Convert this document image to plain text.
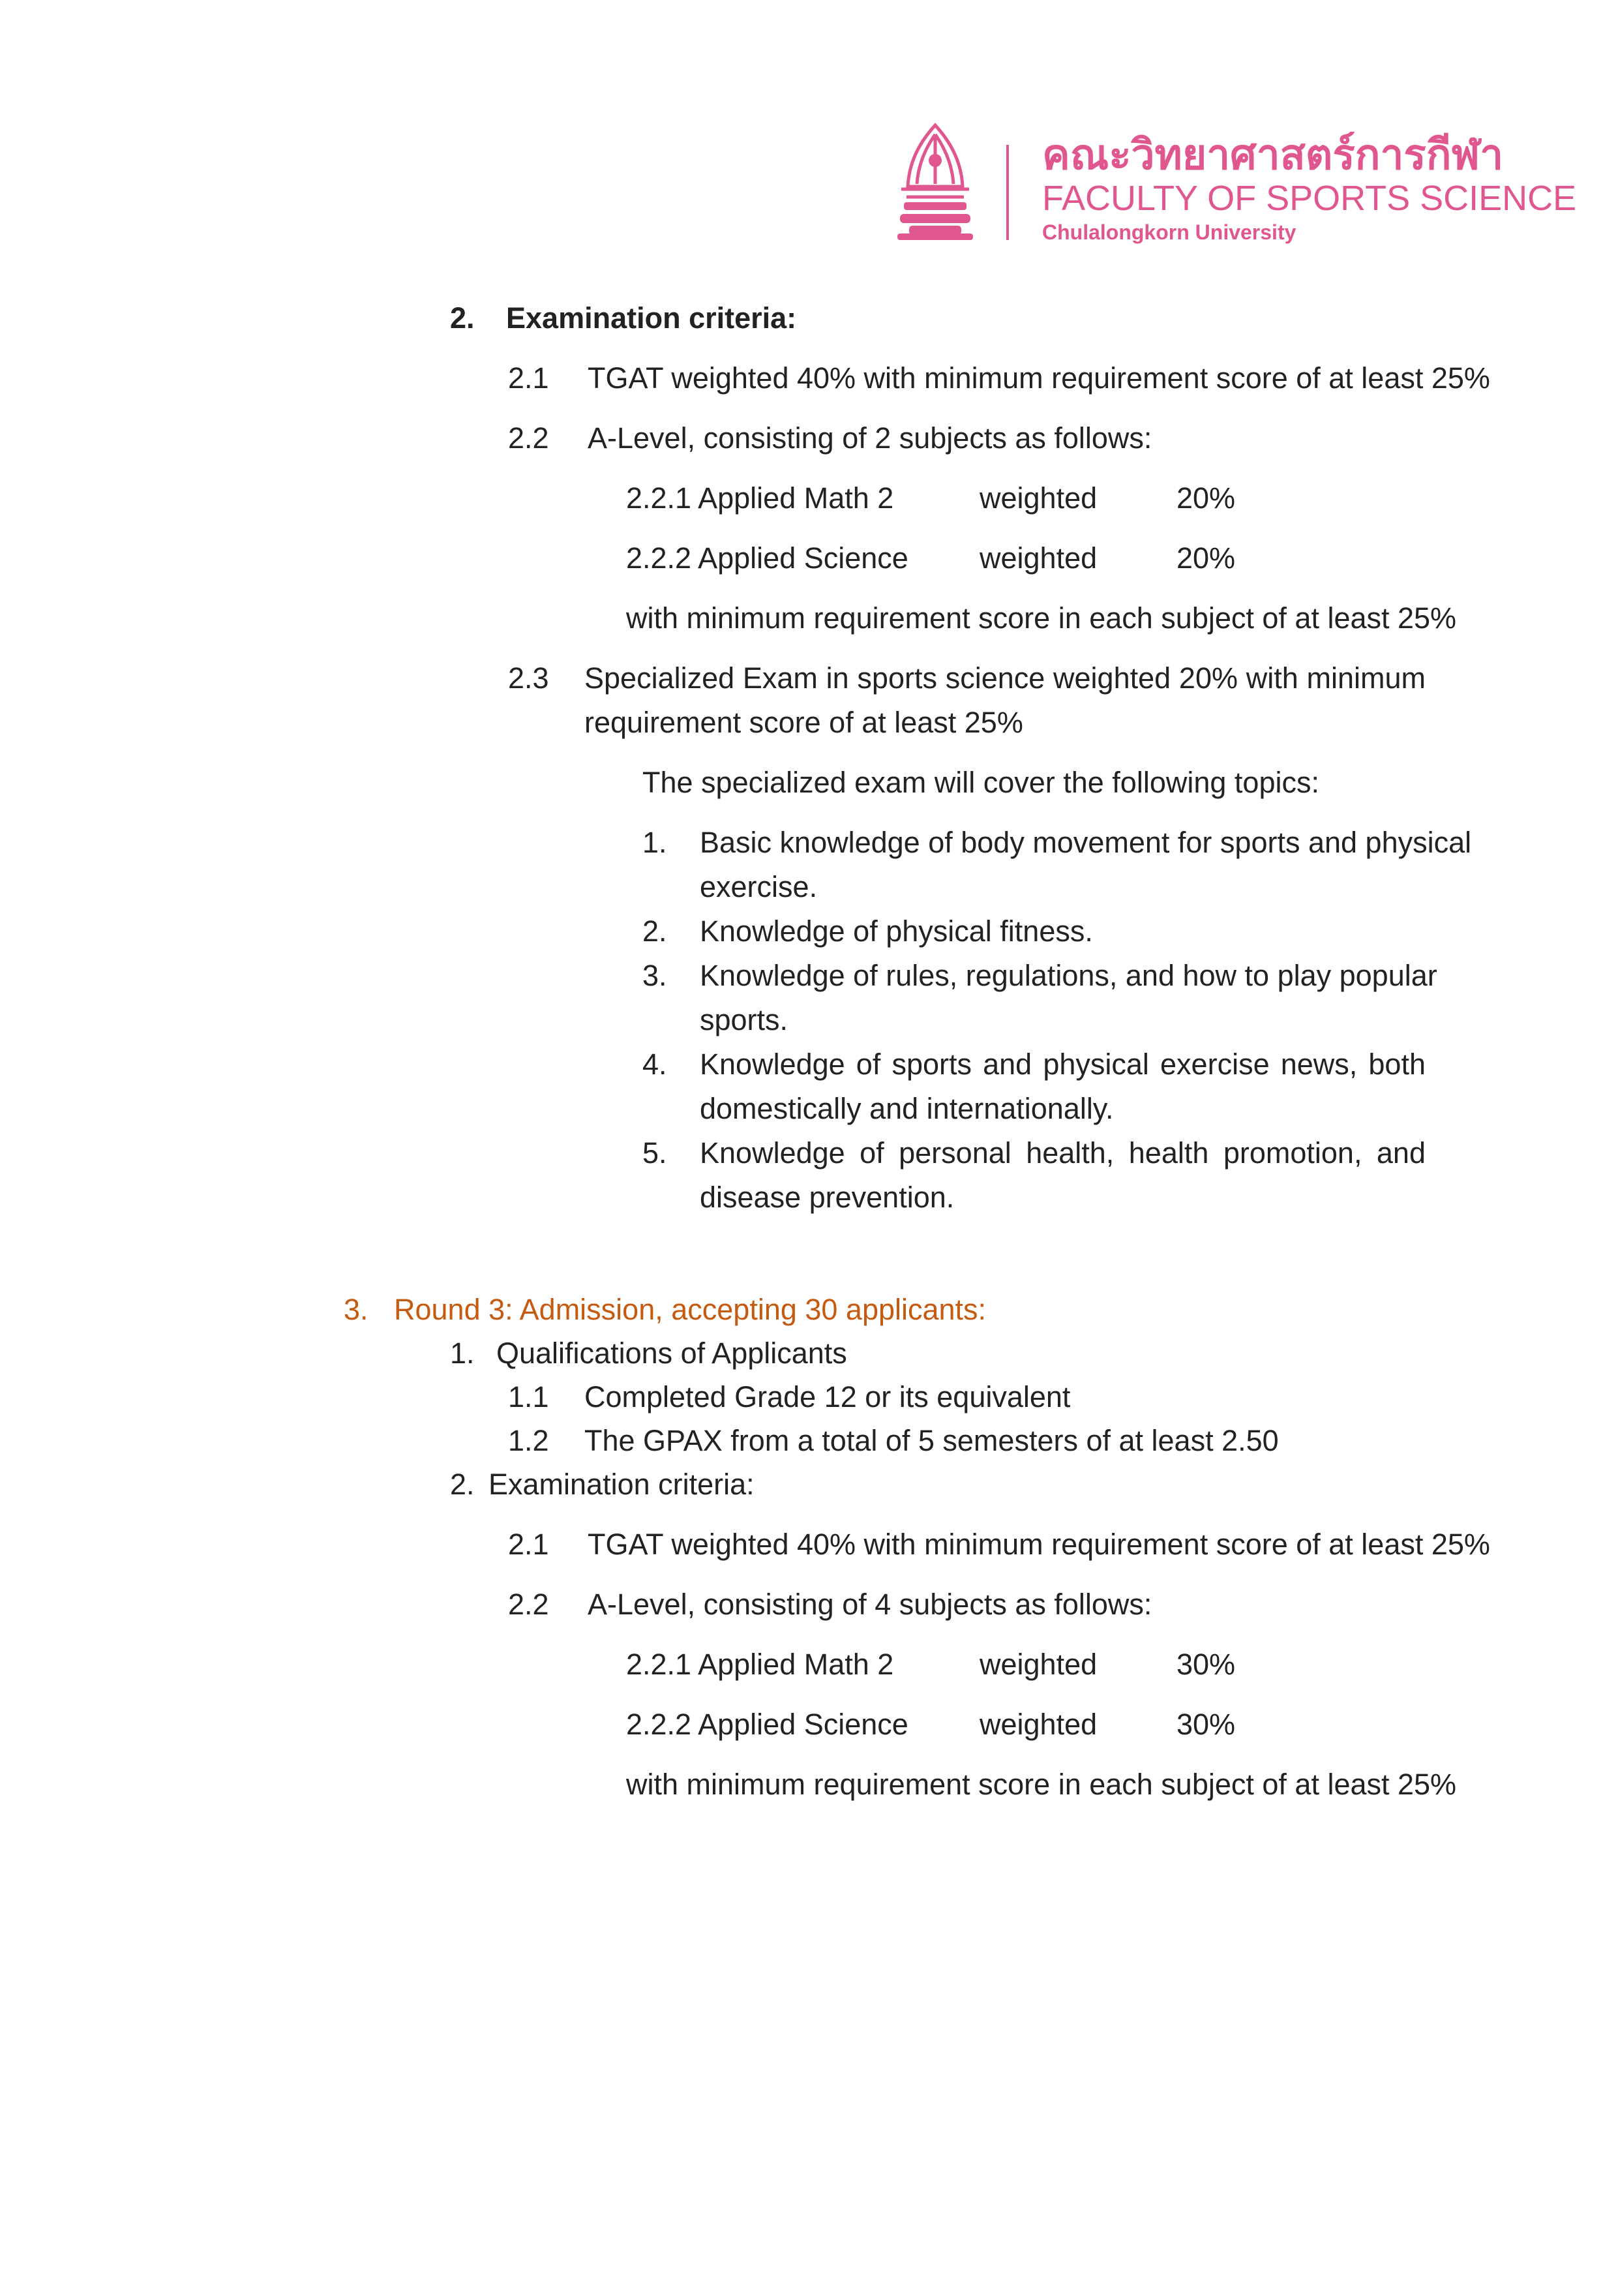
คณะวิทยาศาสตร์การกีฬา
FACULTY OF SPORTS SCIENCE
Chulalongkorn University
2. Examination criteria:
2.1 TGAT weighted 40% with minimum requirement score of at least 25%
2.2 A-Level, consisting of 2 subjects as follows:
2.2.1 Applied Math 2	weighted	20%
2.2.2 Applied Science weighted	20%
with minimum requirement score in each subject of at least 25%
2.3 Specialized Exam in sports science weighted 20% with minimum
requirement score of at least 25%
The specialized exam will cover the following topics:
1. Basic knowledge of body movement for sports and physical
exercise.
2. Knowledge of physical fitness.
3. Knowledge of rules, regulations, and how to play popular
sports.
4. Knowledge of sports and physical exercise news, both
domestically and internationally.
5. Knowledge of personal health, health promotion, and
disease prevention.
3. Round 3: Admission, accepting 30 applicants:
1. Qualifications of Applicants
1.1 Completed Grade 12 or its equivalent
1.2 The GPAX from a total of 5 semesters of at least 2.50
2. Examination criteria:
2.1 TGAT weighted 40% with minimum requirement score of at least 25%
2.2 A-Level, consisting of 4 subjects as follows:
2.2.1 Applied Math 2	weighted	30%
2.2.2 Applied Science weighted	30%
with minimum requirement score in each subject of at least 25%
